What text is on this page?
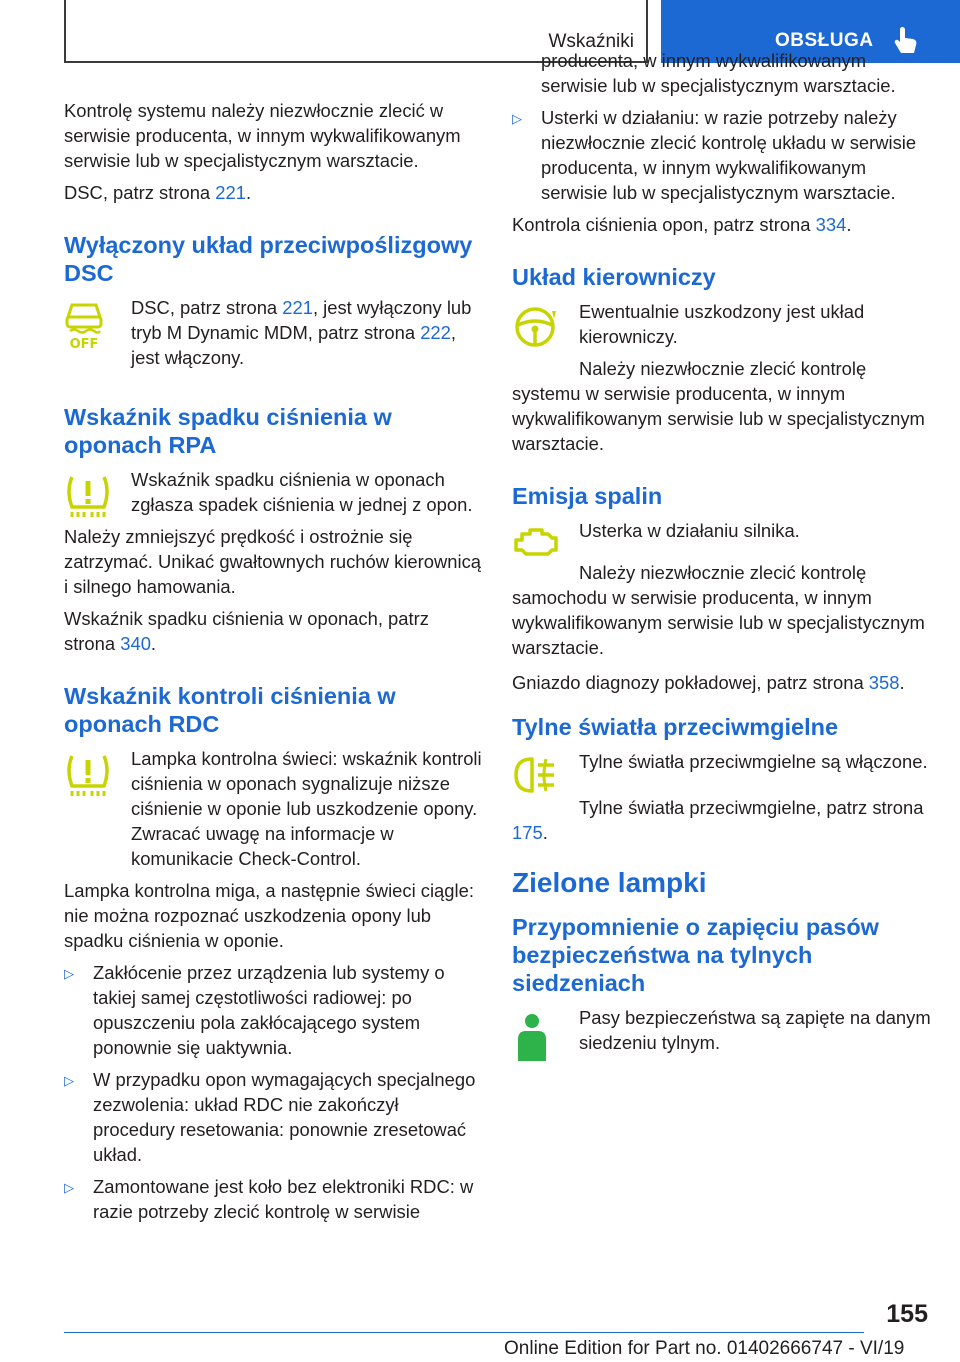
Wskaźniki	OBSŁUGA

Kontrolę systemu należy niezwłocznie zlecić w serwisie producenta, w innym wykwalifikowanym serwisie lub w specjalistycznym warsztacie.

DSC, patrz strona 221.

Wyłączony układ przeciwpoślizgowy DSC
OFF

DSC, patrz strona 221, jest wyłączony lub tryb M Dynamic MDM, patrz strona 222, jest włączony.

Wskaźnik spadku ciśnienia w oponach RPA

Wskaźnik spadku ciśnienia w oponach zgłasza spadek ciśnienia w jednej z opon.

Należy zmniejszyć prędkość i ostrożnie się zatrzymać. Unikać gwałtownych ruchów kierownicą i silnego hamowania.

Wskaźnik spadku ciśnienia w oponach, patrz strona 340.

Wskaźnik kontroli ciśnienia w oponach RDC

Lampka kontrolna świeci: wskaźnik kontroli ciśnienia w oponach sygnalizuje niższe ciśnienie w oponie lub uszkodzenie opony. Zwracać uwagę na informacje w komunikacie Check-Control.

Lampka kontrolna miga, a następnie świeci ciągle: nie można rozpoznać uszkodzenia opony lub spadku ciśnienia w oponie.

▷	Zakłócenie przez urządzenia lub systemy o takiej samej częstotliwości radiowej: po opuszczeniu pola zakłócającego system ponownie się uaktywnia.
▷	W przypadku opon wymagających specjalnego zezwolenia: układ RDC nie zakończył procedury resetowania: ponownie zresetować układ.
▷	Zamontowane jest koło bez elektroniki RDC: w razie potrzeby zlecić kontrolę w serwisie
producenta, w innym wykwalifikowanym serwisie lub w specjalistycznym warsztacie.
▷	Usterki w działaniu: w razie potrzeby należy niezwłocznie zlecić kontrolę układu w serwisie producenta, w innym wykwalifikowanym serwisie lub w specjalistycznym warsztacie.

Kontrola ciśnienia opon, patrz strona 334.

Układ kierowniczy

Ewentualnie uszkodzony jest układ kierowniczy.

Należy niezwłocznie zlecić kontrolę systemu w serwisie producenta, w innym wykwalifikowanym serwisie lub w specjalistycznym warsztacie.

Emisja spalin

Usterka w działaniu silnika.

Należy niezwłocznie zlecić kontrolę samochodu w serwisie producenta, w innym wykwalifikowanym serwisie lub w specjalistycznym warsztacie.

Gniazdo diagnozy pokładowej, patrz strona 358.

Tylne światła przeciwmgielne

Tylne światła przeciwmgielne są włączone.

Tylne światła przeciwmgielne, patrz strona 175.

Zielone lampki
Przypomnienie o zapięciu pasów bezpieczeństwa na tylnych siedzeniach

Pasy bezpieczeństwa są zapięte na danym siedzeniu tylnym.

155
Online Edition for Part no. 01402666747 - VI/19
